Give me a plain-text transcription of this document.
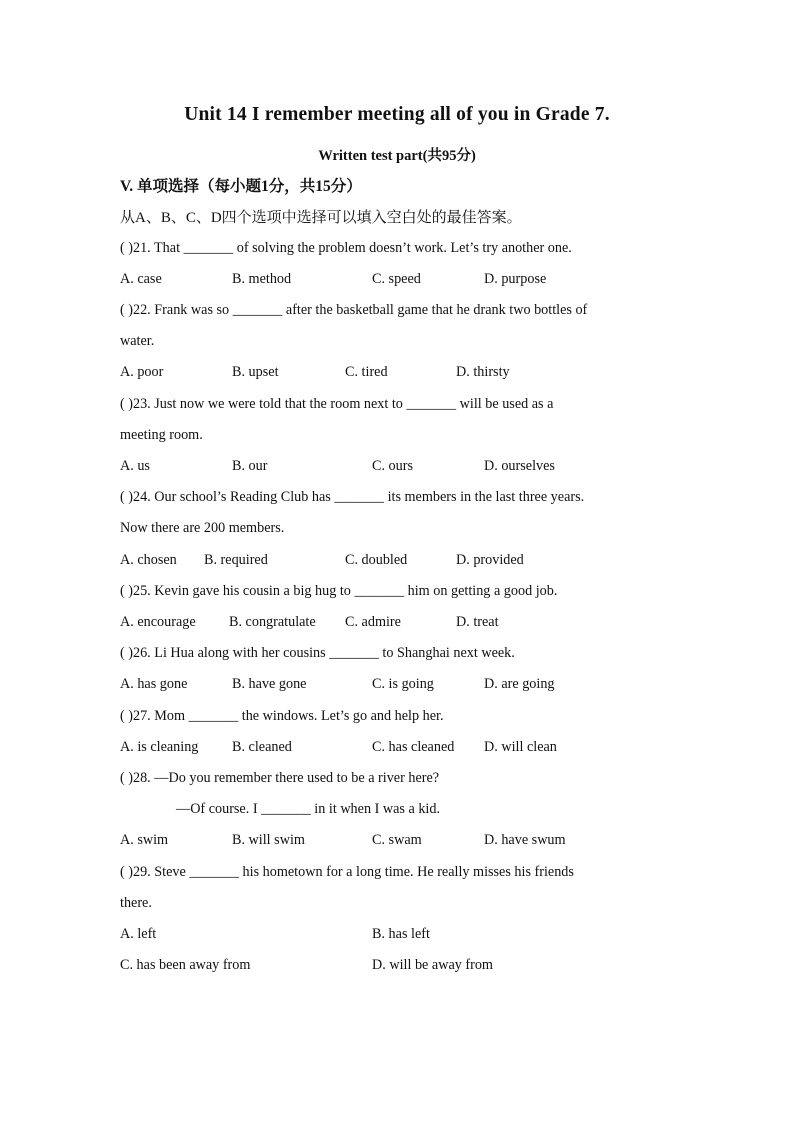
Unit 14 I remember meeting all of you in Grade 7.
Written test part(共95分)
V. 单项选择（每小题1分，共15分）
从A、B、C、D四个选项中选择可以填入空白处的最佳答案。
( )21. That _______ of solving the problem doesn’t work. Let’s try another one.
A. case	B. method	C. speed	D. purpose
( )22. Frank was so _______ after the basketball game that he drank two bottles of
water.
A. poor	B. upset	C. tired	D. thirsty
( )23. Just now we were told that the room next to _______ will be used as a
meeting room.
A. us	B. our	C. ours	D. ourselves
( )24. Our school’s Reading Club has _______ its members in the last three years.
Now there are 200 members.
A. chosen B. required	C. doubled	D. provided
( )25. Kevin gave his cousin a big hug to _______ him on getting a good job.
A. encourage B. congratulate C. admire	D. treat
( )26. Li Hua along with her cousins _______ to Shanghai next week.
A. has gone	B. have gone	C. is going	D. are going
( )27. Mom _______ the windows. Let’s go and help her.
A. is cleaning B. cleaned	C. has cleaned D. will clean
( )28. —Do you remember there used to be a river here?
—Of course. I _______ in it when I was a kid.
A. swim	B. will swim	C. swam	D. have swum
( )29. Steve _______ his hometown for a long time. He really misses his friends
there.
A. left	B. has left
C. has been away from	D. will be away from
